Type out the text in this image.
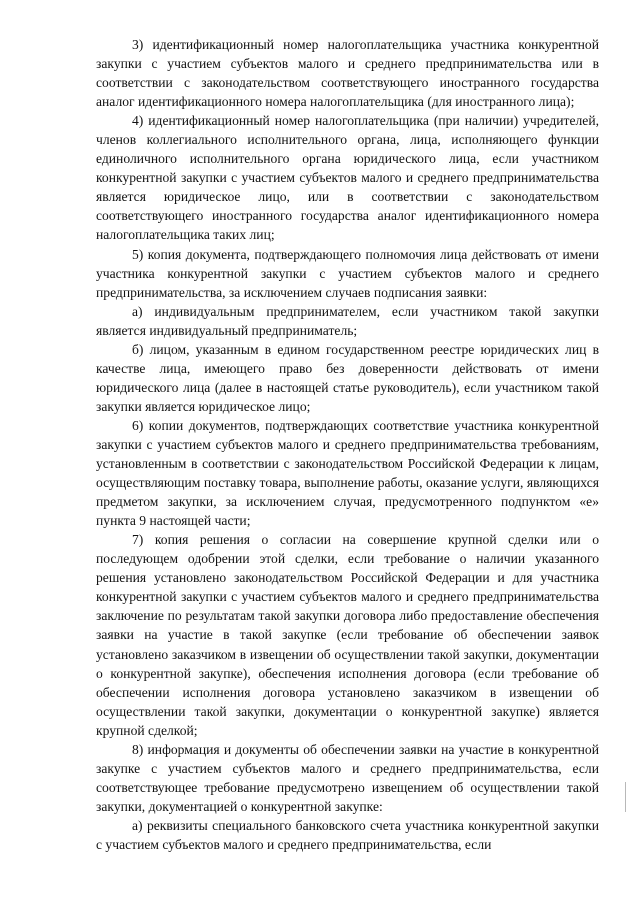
3) идентификационный номер налогоплательщика участника конкурентной закупки с участием субъектов малого и среднего предпринимательства или в соответствии с законодательством соответствующего иностранного государства аналог идентификационного номера налогоплательщика (для иностранного лица);

4) идентификационный номер налогоплательщика (при наличии) учредителей, членов коллегиального исполнительного органа, лица, исполняющего функции единоличного исполнительного органа юридического лица, если участником конкурентной закупки с участием субъектов малого и среднего предпринимательства является юридическое лицо, или в соответствии с законодательством соответствующего иностранного государства аналог идентификационного номера налогоплательщика таких лиц;

5) копия документа, подтверждающего полномочия лица действовать от имени участника конкурентной закупки с участием субъектов малого и среднего предпринимательства, за исключением случаев подписания заявки:

а) индивидуальным предпринимателем, если участником такой закупки является индивидуальный предприниматель;

б) лицом, указанным в едином государственном реестре юридических лиц в качестве лица, имеющего право без доверенности действовать от имени юридического лица (далее в настоящей статье руководитель), если участником такой закупки является юридическое лицо;

6) копии документов, подтверждающих соответствие участника конкурентной закупки с участием субъектов малого и среднего предпринимательства требованиям, установленным в соответствии с законодательством Российской Федерации к лицам, осуществляющим поставку товара, выполнение работы, оказание услуги, являющихся предметом закупки, за исключением случая, предусмотренного подпунктом «е» пункта 9 настоящей части;

7) копия решения о согласии на совершение крупной сделки или о последующем одобрении этой сделки, если требование о наличии указанного решения установлено законодательством Российской Федерации и для участника конкурентной закупки с участием субъектов малого и среднего предпринимательства заключение по результатам такой закупки договора либо предоставление обеспечения заявки на участие в такой закупке (если требование об обеспечении заявок установлено заказчиком в извещении об осуществлении такой закупки, документации о конкурентной закупке), обеспечения исполнения договора (если требование об обеспечении исполнения договора установлено заказчиком в извещении об осуществлении такой закупки, документации о конкурентной закупке) является крупной сделкой;

8) информация и документы об обеспечении заявки на участие в конкурентной закупке с участием субъектов малого и среднего предпринимательства, если соответствующее требование предусмотрено извещением об осуществлении такой закупки, документацией о конкурентной закупке:

а) реквизиты специального банковского счета участника конкурентной закупки с участием субъектов малого и среднего предпринимательства, если
